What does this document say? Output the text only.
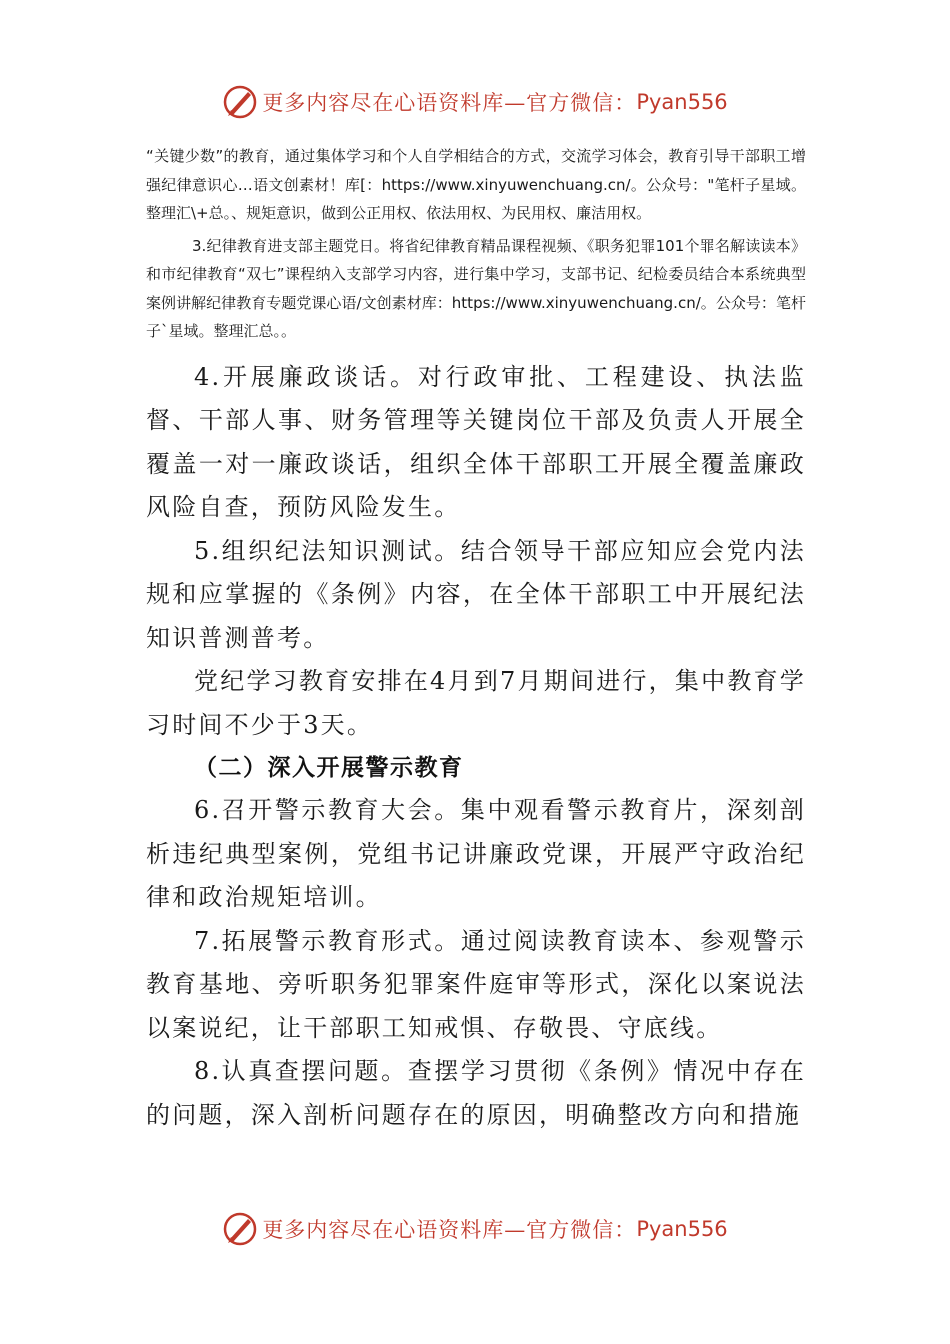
更多内容尽在心语资料库—官方微信： Pyan556

“关键少数”的教育，通过集体学习和个人自学相结合的方式，交流学习体会，教育引导干部职工增强纪律意识心…语文创素材！库[：https://www.xinyuwenchuang.cn/。公众号："笔杆子星域。整理汇\+总。、规矩意识，做到公正用权、依法用权、为民用权、廉洁用权。

3.纪律教育进支部主题党日。将省纪律教育精品课程视频、《职务犯罪101个罪名解读读本》和市纪律教育“双七”课程纳入支部学习内容，进行集中学习，支部书记、纪检委员结合本系统典型案例讲解纪律教育专题党课心语/文创素材库：https://www.xinyuwenchuang.cn/。公众号：笔杆子`星域。整理汇总。。

4.开展廉政谈话。对行政审批、工程建设、执法监督、干部人事、财务管理等关键岗位干部及负责人开展全覆盖一对一廉政谈话，组织全体干部职工开展全覆盖廉政风险自查，预防风险发生。

5.组织纪法知识测试。结合领导干部应知应会党内法规和应掌握的《条例》内容，在全体干部职工中开展纪法知识普测普考。

党纪学习教育安排在4月到7月期间进行，集中教育学习时间不少于3天。

（二）深入开展警示教育

6.召开警示教育大会。集中观看警示教育片，深刻剖析违纪典型案例，党组书记讲廉政党课，开展严守政治纪律和政治规矩培训。

7.拓展警示教育形式。通过阅读教育读本、参观警示教育基地、旁听职务犯罪案件庭审等形式，深化以案说法以案说纪，让干部职工知戒惧、存敬畏、守底线。

8.认真查摆问题。查摆学习贯彻《条例》情况中存在的问题，深入剖析问题存在的原因，明确整改方向和措施

更多内容尽在心语资料库—官方微信： Pyan556
